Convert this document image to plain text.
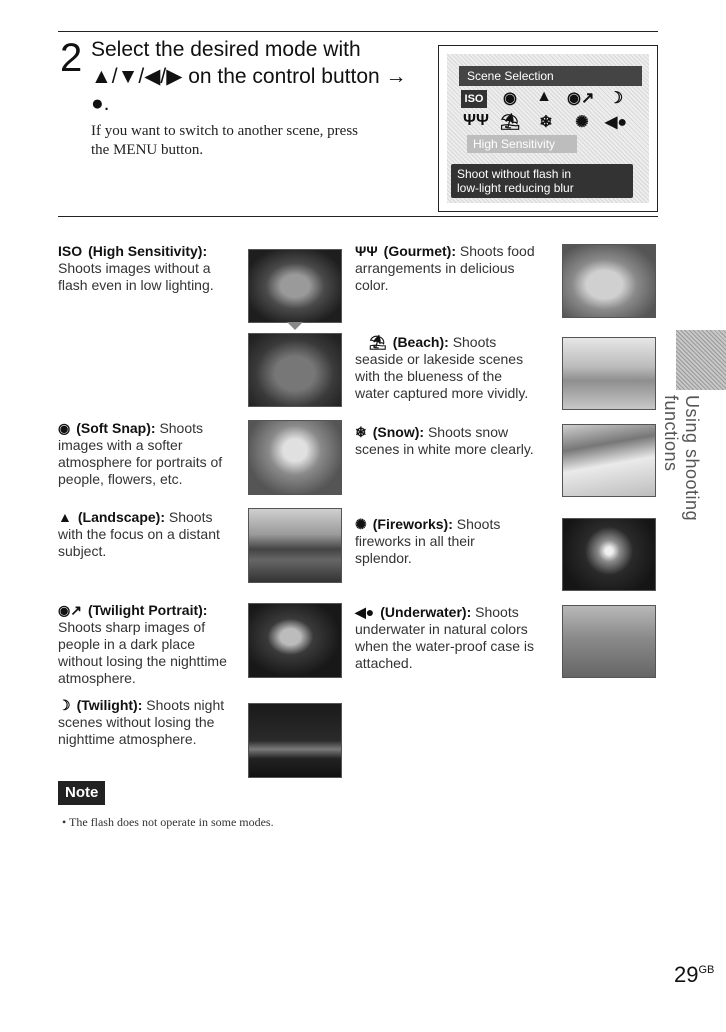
2 Select the desired mode with
▲/▼/◀/▶ on the control button →
●.
If you want to switch to another scene, press
the MENU button.
Scene Selection
ISO	◉	▲ ◉↗ ☽
ΨΨ ⛱	❄	✺	◀●
High Sensitivity
Shoot without flash in
low-light reducing blur
ISO (High Sensitivity):
Shoots images without a
flash even in low lighting.
◉ (Soft Snap): Shoots
images with a softer
atmosphere for portraits of
people, flowers, etc.
▲ (Landscape): Shoots
with the focus on a distant
subject.
◉↗ (Twilight Portrait):
Shoots sharp images of
people in a dark place
without losing the nighttime
atmosphere.
☽ (Twilight): Shoots night
scenes without losing the
nighttime atmosphere.
ΨΨ (Gourmet): Shoots food
arrangements in delicious
color.
⛱ (Beach): Shoots
seaside or lakeside scenes
with the blueness of the
water captured more vividly.
❄ (Snow): Shoots snow
scenes in white more clearly.
✺ (Fireworks): Shoots
fireworks in all their
splendor.
◀● (Underwater): Shoots
underwater in natural colors
when the water-proof case is
attached.
Using shooting functions
Note
• The flash does not operate in some modes.
$29^{GB}$
